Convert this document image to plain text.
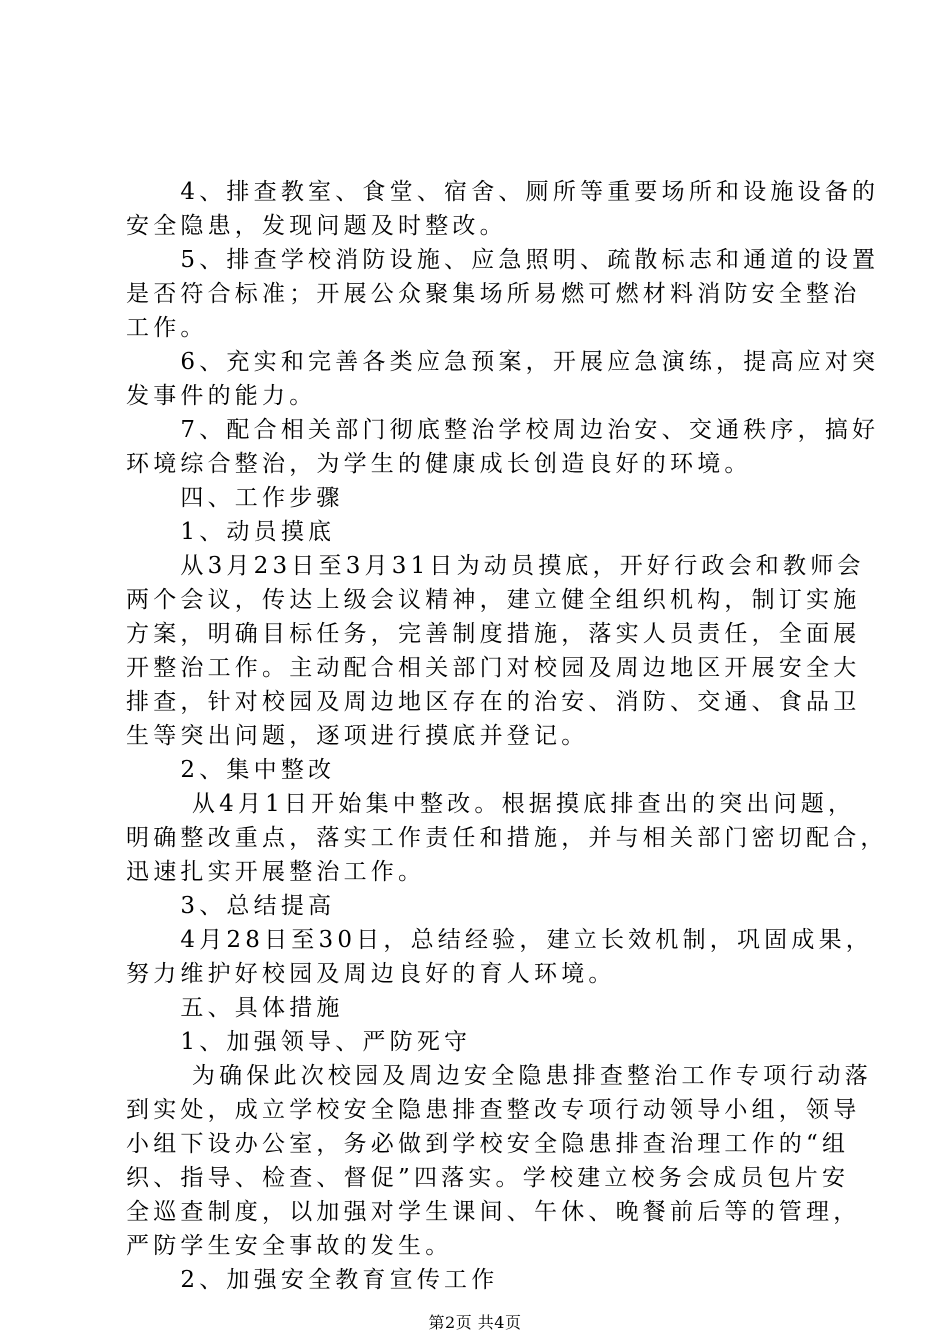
　　4、排查教室、食堂、宿舍、厕所等重要场所和设施设备的
安全隐患，发现问题及时整改。
　　5、排查学校消防设施、应急照明、疏散标志和通道的设置
是否符合标准；开展公众聚集场所易燃可燃材料消防安全整治
工作。
　　6、充实和完善各类应急预案，开展应急演练，提高应对突
发事件的能力。
　　7、配合相关部门彻底整治学校周边治安、交通秩序，搞好
环境综合整治，为学生的健康成长创造良好的环境。
　　四、工作步骤
　　1、动员摸底
　　从3月23日至3月31日为动员摸底，开好行政会和教师会
两个会议，传达上级会议精神，建立健全组织机构，制订实施
方案，明确目标任务，完善制度措施，落实人员责任，全面展
开整治工作。主动配合相关部门对校园及周边地区开展安全大
排查，针对校园及周边地区存在的治安、消防、交通、食品卫
生等突出问题，逐项进行摸底并登记。
　　2、集中整改
　　 从4月1日开始集中整改。根据摸底排查出的突出问题，
明确整改重点，落实工作责任和措施，并与相关部门密切配合，
迅速扎实开展整治工作。
　　3、总结提高
　　4月28日至30日，总结经验，建立长效机制，巩固成果，
努力维护好校园及周边良好的育人环境。
　　五、具体措施
　　1、加强领导、严防死守
　　 为确保此次校园及周边安全隐患排查整治工作专项行动落
到实处，成立学校安全隐患排查整改专项行动领导小组，领导
小组下设办公室，务必做到学校安全隐患排查治理工作的“组
织、指导、检查、督促”四落实。学校建立校务会成员包片安
全巡查制度，以加强对学生课间、午休、晚餐前后等的管理，
严防学生安全事故的发生。
　　2、加强安全教育宣传工作
第2页 共4页
